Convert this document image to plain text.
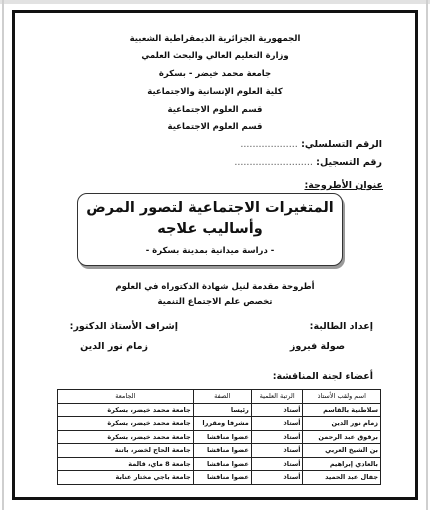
الجمهورية الجزائرية الديمقراطية الشعبية
وزارة التعليم العالي والبحث العلمي
جامعة محمد خيضر - بسكرة
كلية العلوم الإنسانية والاجتماعية
قسم العلوم الاجتماعية
قسم العلوم الاجتماعية
الرقم التسلسلي: ...................
رقم التسجيل: ..........................
عنوان الأطروحة:
المتغيرات الاجتماعية لتصور المرض
وأساليب علاجه
- دراسة ميدانية بمدينة بسكرة -
أطروحة مقدمة لنيل شهادة الدكتوراه في العلوم
تخصص علم الاجتماع التنمية
إعداد الطالبة:
صولة فيروز
إشراف الأستاذ الدكتور:
زمام نور الدين
أعضاء لجنة المناقشة:
اسم ولقب الأستاذ	الرتبة العلمية	الصفة	الجامعة
سلاطنية بالقاسم	أستاذ	رئيسا	جامعة محمد خيضر، بسكرة
زمام نور الدين	أستاذ	مشرفا ومقررا	جامعة محمد خيضر، بسكرة
برقوق عبد الرحمن	أستاذ	عضوا مناقشا	جامعة محمد خيضر، بسكرة
بن الشيخ العربي	أستاذ	عضوا مناقشا	جامعة الحاج لخضر، باتنة
بالعادي إبراهيم	أستاذ	عضوا مناقشا	جامعة 8 ماي، قالمة
جفال عبد الحميد	أستاذ	عضوا مناقشا	جامعة باجي مختار عنابة
